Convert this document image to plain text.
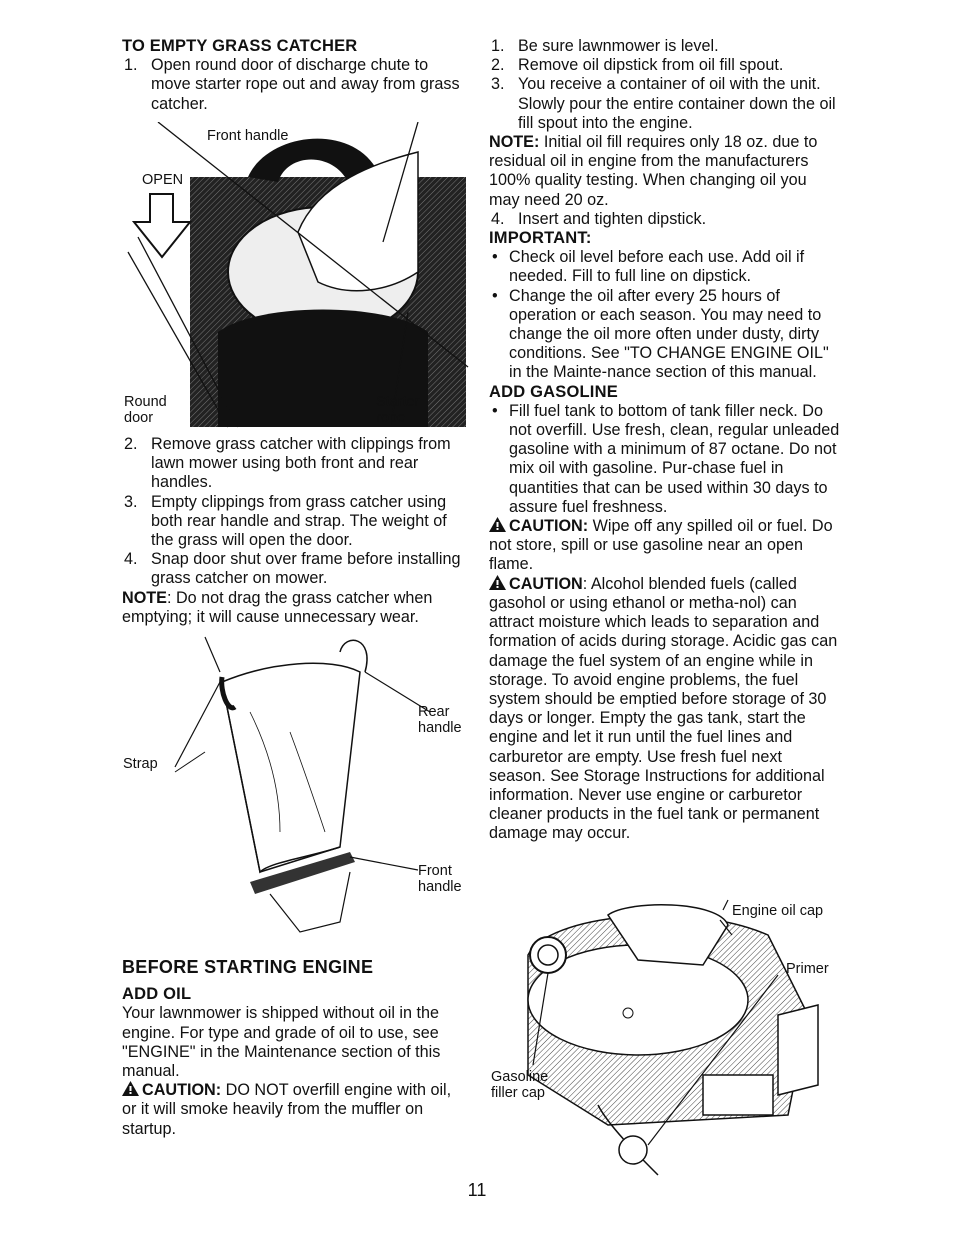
TO EMPTY GRASS CATCHER
1. Open round door of discharge chute to move starter rope out and away from grass catcher.
Front handle
OPEN
Round door
Starter rope
2. Remove grass catcher with clippings from lawn mower using both front and rear handles.
3. Empty clippings from grass catcher using both rear handle and strap. The weight of the grass will open the door.
4. Snap door shut over frame before installing grass catcher on mower.

NOTE: Do not drag the grass catcher when emptying; it will cause unnecessary wear.

Rear handle
Strap
Front handle
BEFORE STARTING ENGINE
ADD OIL

Your lawnmower is shipped without oil in the engine. For type and grade of oil to use, see "ENGINE" in the Maintenance section of this manual.

CAUTION: DO NOT overfill engine with oil, or it will smoke heavily from the muffler on startup.

1. Be sure lawnmower is level.
2. Remove oil dipstick from oil fill spout.
3. You receive a container of oil with the unit. Slowly pour the entire container down the oil fill spout into the engine.

NOTE: Initial oil fill requires only 18 oz. due to residual oil in engine from the manufacturers 100% quality testing. When changing oil you may need 20 oz.

4. Insert and tighten dipstick.
IMPORTANT:
• Check oil level before each use. Add oil if needed. Fill to full line on dipstick.
• Change the oil after every 25 hours of operation or each season. You may need to change the oil more often under dusty, dirty conditions. See "TO CHANGE ENGINE OIL" in the Mainte-nance section of this manual.
ADD GASOLINE
• Fill fuel tank to bottom of tank filler neck. Do not overfill. Use fresh, clean, regular unleaded gasoline with a minimum of 87 octane. Do not mix oil with gasoline. Pur-chase fuel in quantities that can be used within 30 days to assure fuel freshness.

CAUTION: Wipe off any spilled oil or fuel. Do not store, spill or use gasoline near an open flame.

CAUTION: Alcohol blended fuels (called gasohol or using ethanol or metha-nol) can attract moisture which leads to separation and formation of acids during storage. Acidic gas can damage the fuel system of an engine while in storage. To avoid engine problems, the fuel system should be emptied before storage of 30 days or longer. Empty the gas tank, start the engine and let it run until the fuel lines and carburetor are empty. Use fresh fuel next season. See Storage Instructions for additional information. Never use engine or carburetor cleaner products in the fuel tank or permanent damage may occur.

Engine oil cap
Primer
Gasoline filler cap
11
